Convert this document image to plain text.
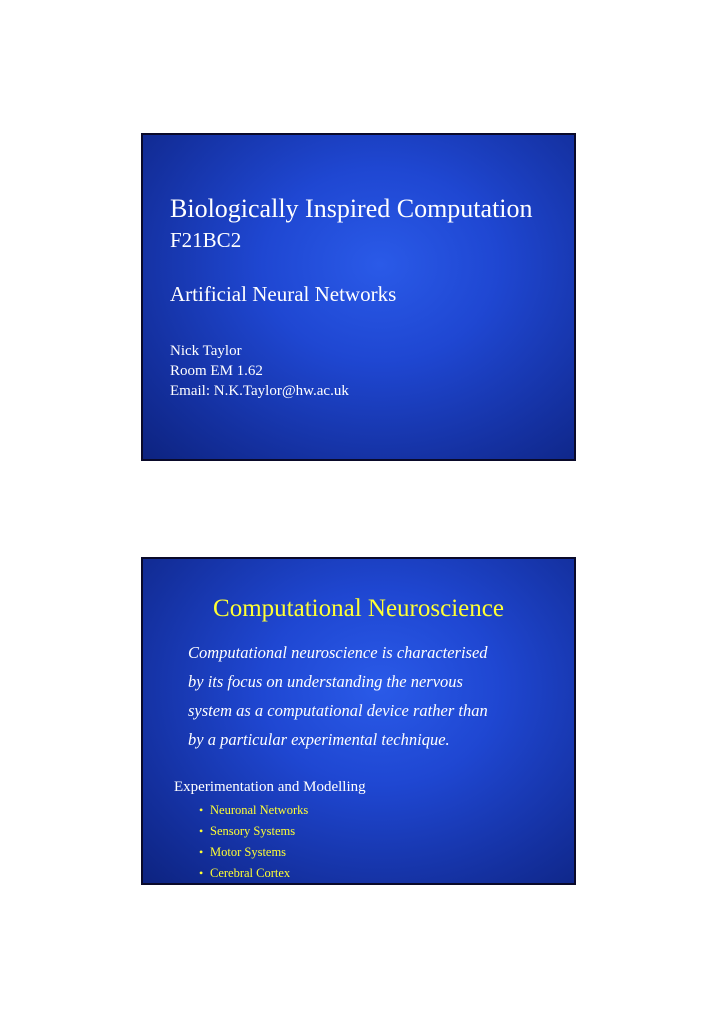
Biologically Inspired Computation
F21BC2
Artificial Neural Networks
Nick Taylor
Room EM 1.62
Email: N.K.Taylor@hw.ac.uk
Computational Neuroscience
Computational neuroscience is characterised
by its focus on understanding the nervous
system as a computational device rather than
by a particular experimental technique.
Experimentation and Modelling
• Neuronal Networks
• Sensory Systems
• Motor Systems
• Cerebral Cortex
